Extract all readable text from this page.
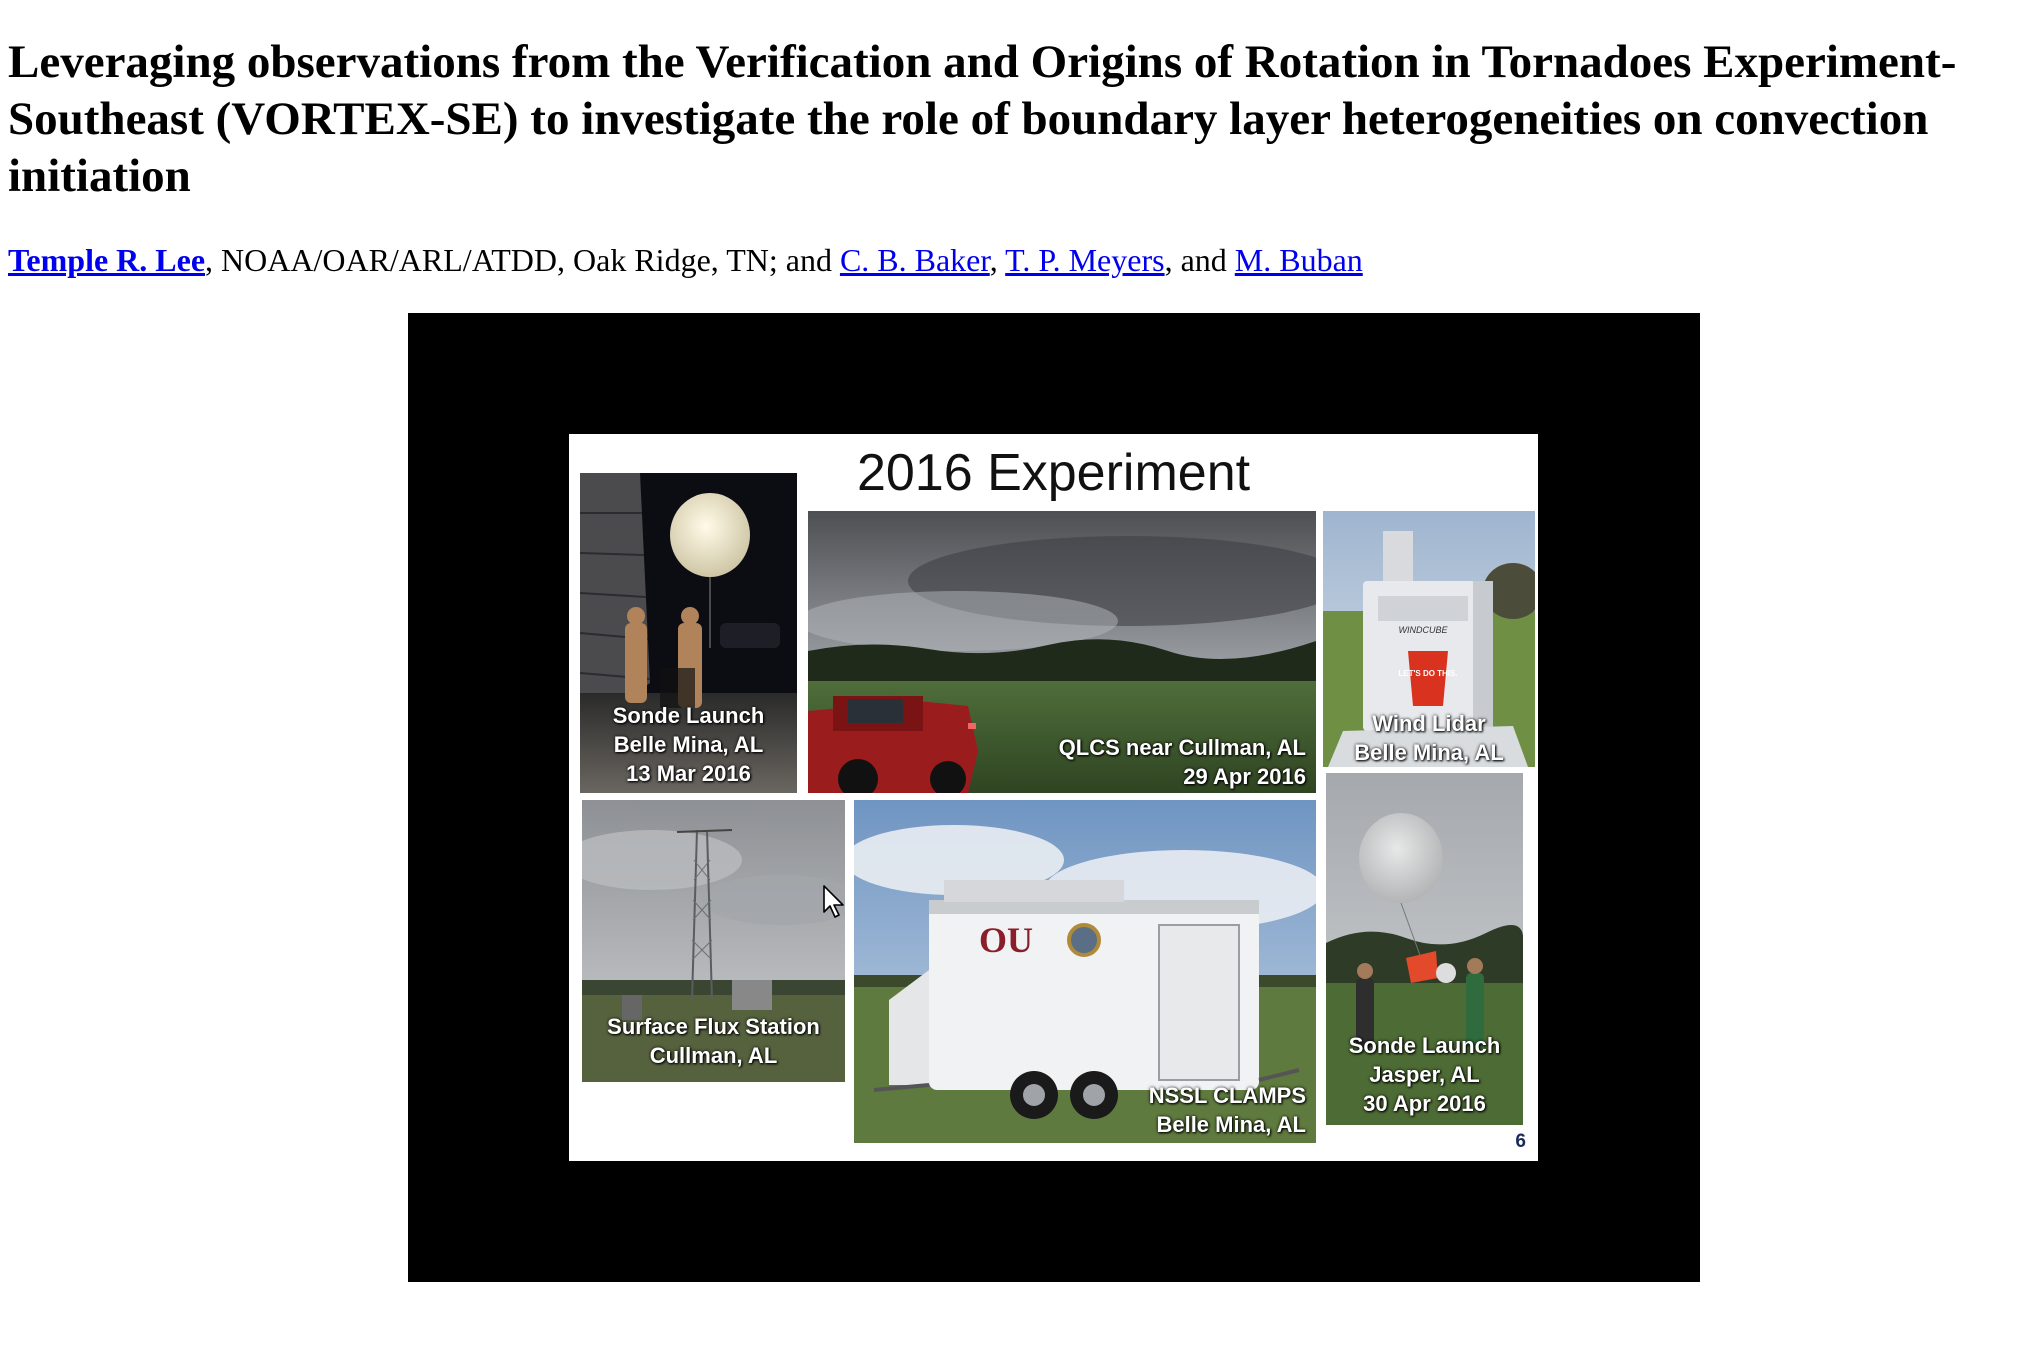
Leveraging observations from the Verification and Origins of Rotation in Tornadoes Experiment-Southeast (VORTEX-SE) to investigate the role of boundary layer heterogeneities on convection initiation

Temple R. Lee, NOAA/OAR/ARL/ATDD, Oak Ridge, TN; and C. B. Baker, T. P. Meyers, and M. Buban

2016 Experiment
Sonde Launch
Belle Mina, AL
13 Mar 2016
QLCS near Cullman, AL
29 Apr 2016
WINDCUBE
LET'S DO THIS.
Wind Lidar
Belle Mina, AL
Surface Flux Station
Cullman, AL
OU
NSSL CLAMPS
Belle Mina, AL
Sonde Launch
Jasper, AL
30 Apr 2016
6
